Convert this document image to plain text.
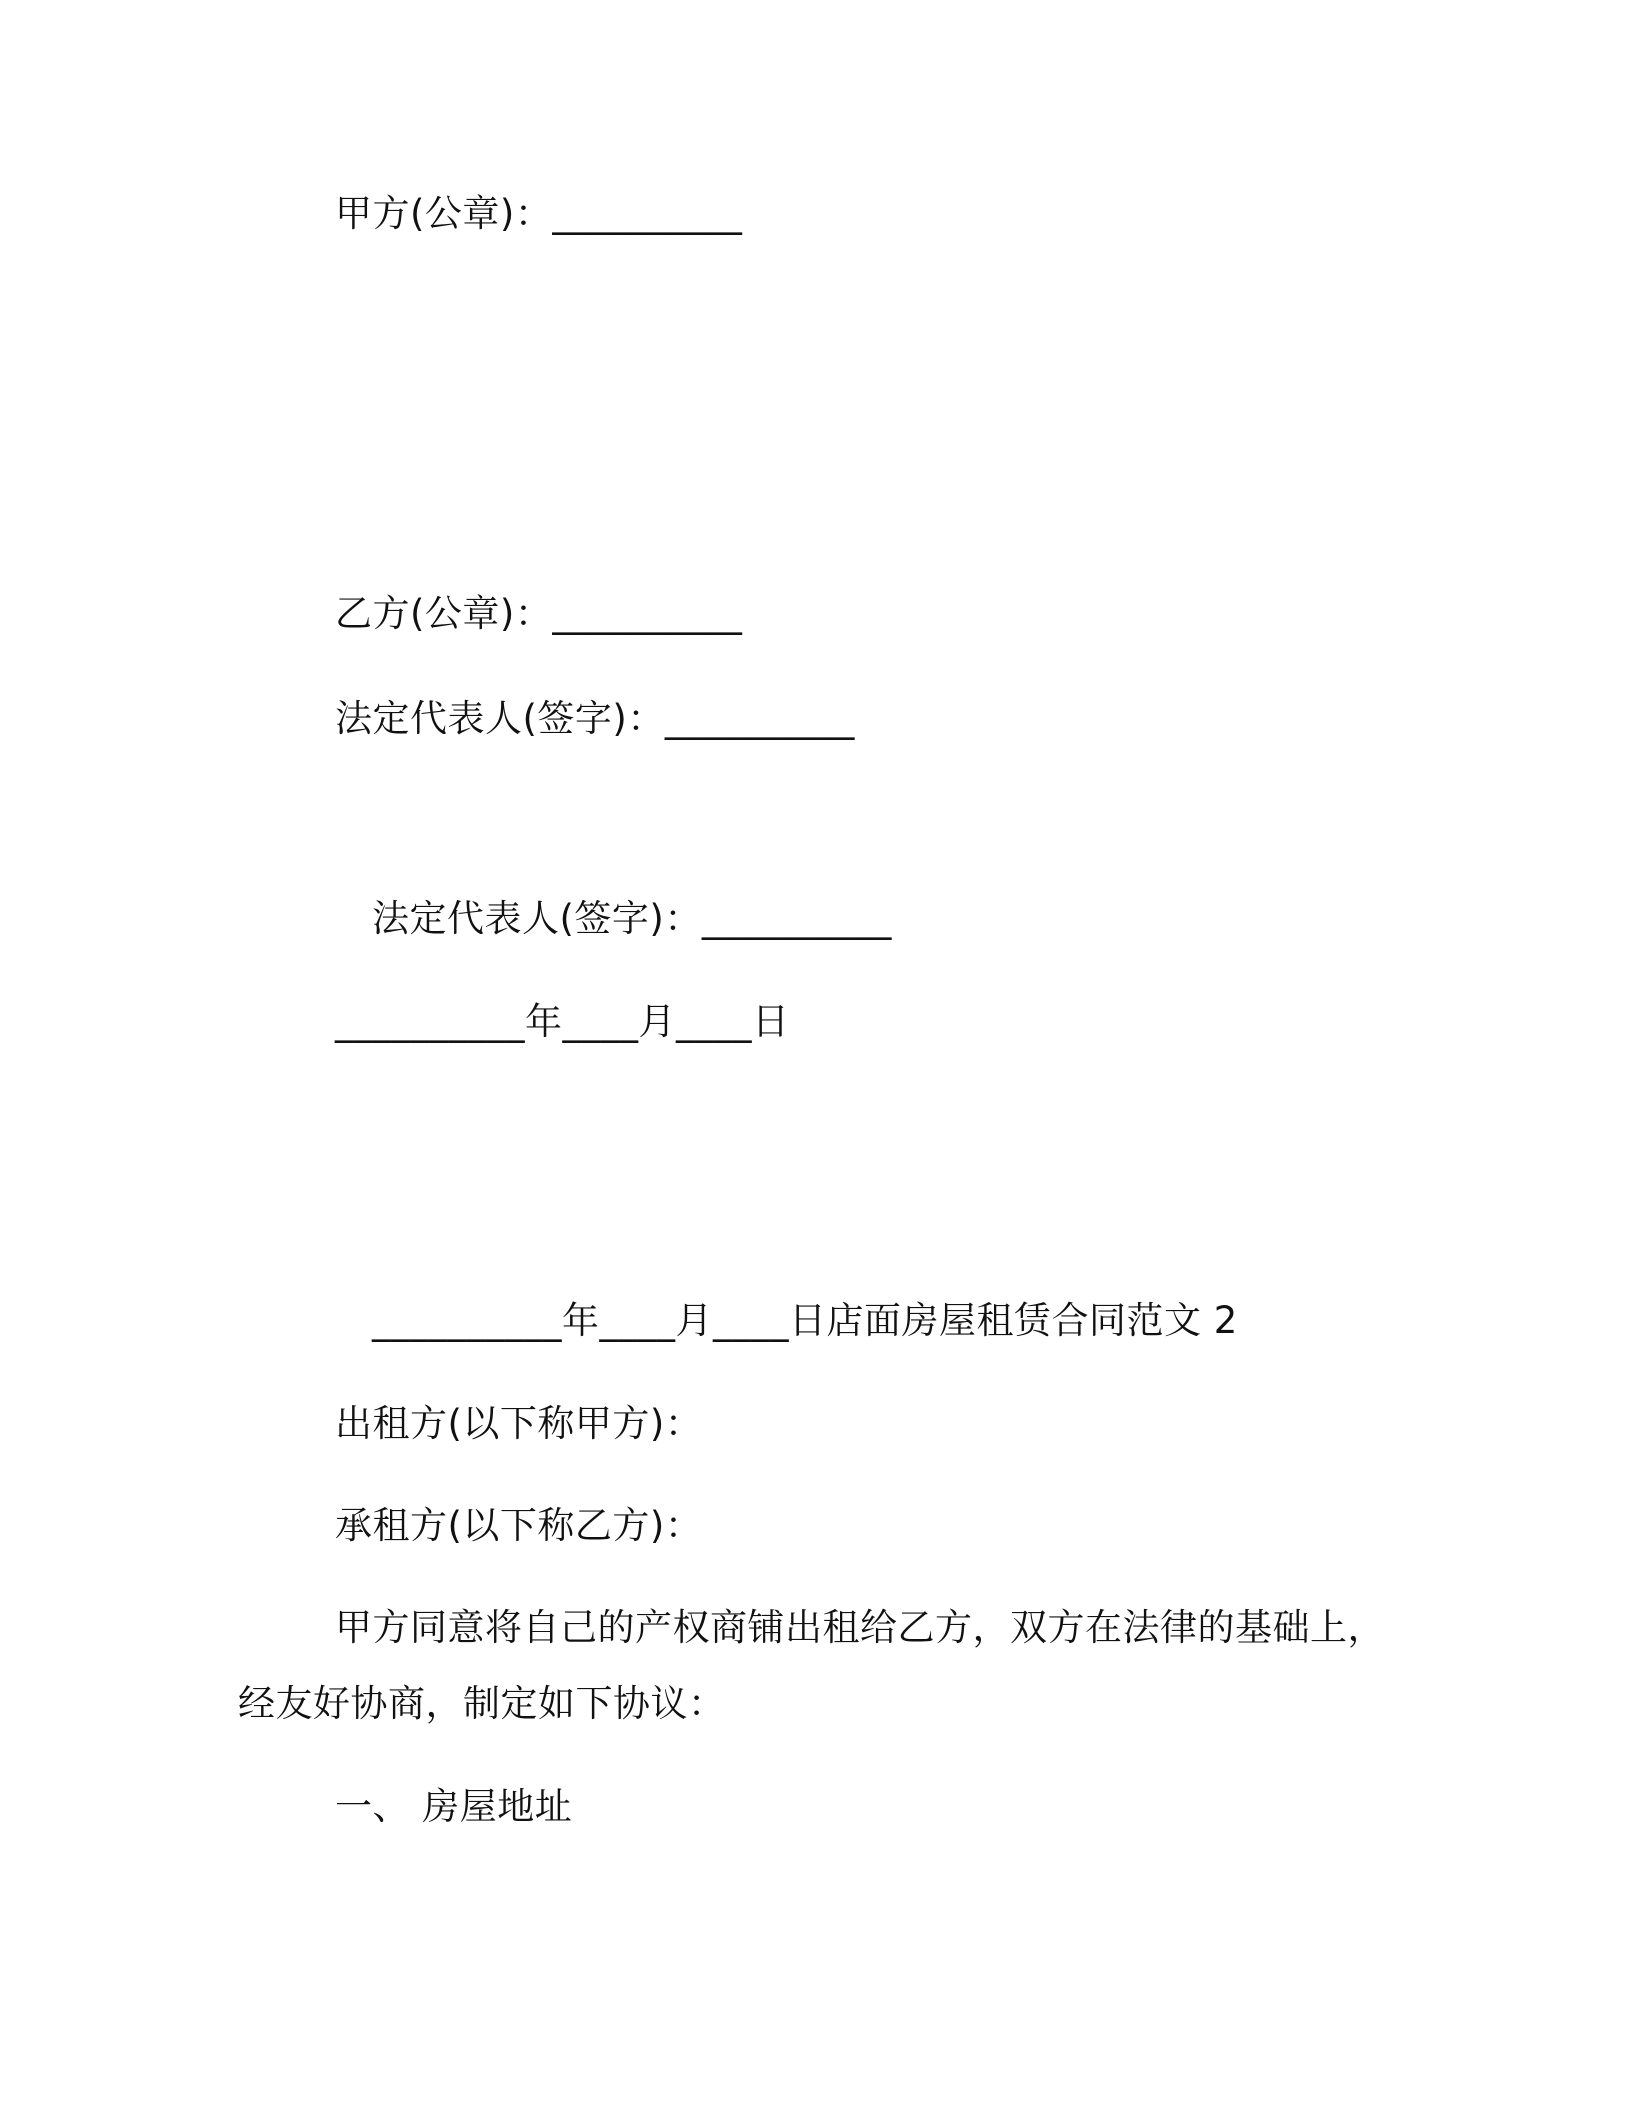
甲方(公章)：__________
乙方(公章)：__________
法定代表人(签字)：__________
法定代表人(签字)：__________
__________年____月____日
__________年____月____日店面房屋租赁合同范文 2
出租方(以下称甲方)：
承租方(以下称乙方)：
甲方同意将自己的产权商铺出租给乙方，双方在法律的基础上，
经友好协商，制定如下协议：
一、 房屋地址
